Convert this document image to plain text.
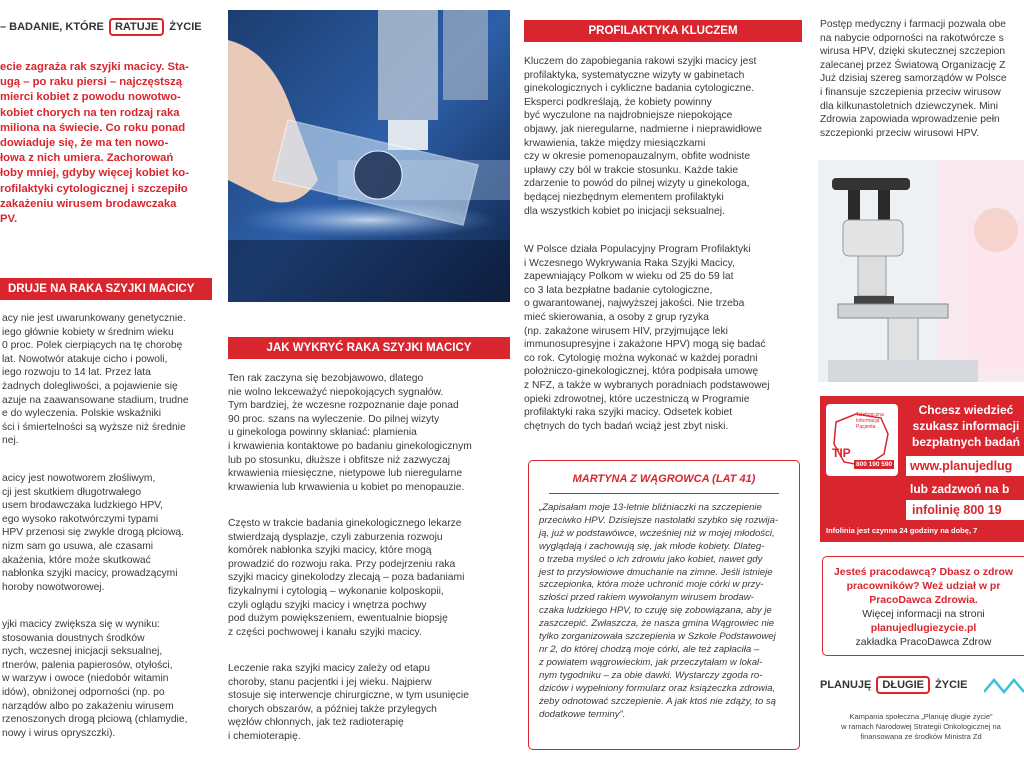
– BADANIE, KTÓRE RATUJE ŻYCIE

ecie zagraża rak szyjki macicy. Sta-
ugą – po raku piersi – najczęstszą
mierci kobiet z powodu nowotwo-
kobiet chorych na ten rodzaj raka
miliona na świecie. Co roku ponad
dowiaduje się, że ma ten nowo-
łowa z nich umiera. Zachorowań
łoby mniej, gdyby więcej kobiet ko-
rofilaktyki cytologicznej i szczepiło
zakażeniu wirusem brodawczaka
PV.

DRUJE NA RAKA SZYJKI MACICY

acy nie jest uwarunkowany genetycznie.
iego głównie kobiety w średnim wieku
0 proc. Polek cierpiących na tę chorobę
lat. Nowotwór atakuje cicho i powoli,
iego rozwoju to 14 lat. Przez lata
żadnych dolegliwości, a pojawienie się
azuje na zaawansowane stadium, trudne
e do wyleczenia. Polskie wskaźniki
ści i śmiertelności są wyższe niż średnie
nej.

acicy jest nowotworem złośliwym,
cji jest skutkiem długotrwałego
usem brodawczaka ludzkiego HPV,
ego wysoko rakotwórczymi typami
HPV przenosi się zwykle drogą płciową.
nizm sam go usuwa, ale czasami
akażenia, które może skutkować
nabłonka szyjki macicy, prowadzącymi
horoby nowotworowej.

yjki macicy zwiększa się w wyniku:
stosowania doustnych środków
nych, wczesnej inicjacji seksualnej,
rtnerów, palenia papierosów, otyłości,
w warzyw i owoce (niedobór witamin
idów), obniżonej odporności (np. po
narządów albo po zakażeniu wirusem
rzenoszonych drogą płciową (chlamydie,
nowy i wirus opryszczki).

JAK WYKRYĆ RAKA SZYJKI MACICY

Ten rak zaczyna się bezobjawowo, dlatego
nie wolno lekceważyć niepokojących sygnałów.
Tym bardziej, że wczesne rozpoznanie daje ponad
90 proc. szans na wyleczenie. Do pilnej wizyty
u ginekologa powinny skłaniać: plamienia
i krwawienia kontaktowe po badaniu ginekologicznym
lub po stosunku, dłuższe i obfitsze niż zazwyczaj
krwawienia miesięczne, nietypowe lub nieregularne
krwawienia lub krwawienia u kobiet po menopauzie.

Często w trakcie badania ginekologicznego lekarze
stwierdzają dysplazje, czyli zaburzenia rozwoju
komórek nabłonka szyjki macicy, które mogą
prowadzić do rozwoju raka. Przy podejrzeniu raka
szyjki macicy ginekolodzy zlecają – poza badaniami
fizykalnymi i cytologią – wykonanie kolposkopii,
czyli oglądu szyjki macicy i wnętrza pochwy
pod dużym powiększeniem, ewentualnie biopsję
z części pochwowej i kanału szyjki macicy.

Leczenie raka szyjki macicy zależy od etapu
choroby, stanu pacjentki i jej wieku. Najpierw
stosuje się interwencje chirurgiczne, w tym usunięcie
chorych obszarów, a później także przylegych
węzłów chłonnych, jak też radioterapię
i chemioterapię.

PROFILAKTYKA KLUCZEM

Kluczem do zapobiegania rakowi szyjki macicy jest
profilaktyka, systematyczne wizyty w gabinetach
ginekologicznych i cykliczne badania cytologiczne.
Eksperci podkreślają, że kobiety powinny
być wyczulone na najdrobniejsze niepokojące
objawy, jak nieregularne, nadmierne i nieprawidłowe
krwawienia, także między miesiączkami
czy w okresie pomenopauzalnym, obfite wodniste
upławy czy ból w trakcie stosunku. Każde takie
zdarzenie to powód do pilnej wizyty u ginekologa,
będącej niezbędnym elementem profilaktyki
dla wszystkich kobiet po inicjacji seksualnej.

W Polsce działa Populacyjny Program Profilaktyki
i Wczesnego Wykrywania Raka Szyjki Macicy,
zapewniający Polkom w wieku od 25 do 59 lat
co 3 lata bezpłatne badanie cytologiczne,
o gwarantowanej, najwyższej jakości. Nie trzeba
mieć skierowania, a osoby z grup ryzyka
(np. zakażone wirusem HIV, przyjmujące leki
immunosupresyjne i zakażone HPV) mogą się badać
co rok. Cytologię można wykonać w każdej poradni
położniczo-ginekologicznej, która podpisała umowę
z NFZ, a także w wybranych poradniach podstawowej
opieki zdrowotnej, które uczestniczą w Programie
profilaktyki raka szyjki macicy. Odsetek kobiet
chętnych do tych badań wciąż jest zbyt niski.

MARTYNA Z WĄGROWCA (LAT 41)

„Zapisałam moje 13-letnie bliźniaczki na szczepienie
przeciwko HPV. Dzisiejsze nastolatki szybko się rozwija-
ją, już w podstawówce, wcześniej niż w mojej młodości,
wyglądają i zachowują się, jak młode kobiety. Dlateg-
o trzeba myśleć o ich zdrowiu jako kobiet, nawet gdy
jest to przysłowiowe dmuchanie na zimne. Jeśli istnieje
szczepionka, która może uchronić moje córki w przy-
szłości przed rakiem wywołanym wirusem brodaw-
czaka ludzkiego HPV, to czuję się zobowiązana, aby je
zaszczepić. Zwłaszcza, że nasza gmina Wągrowiec nie
tylko zorganizowała szczepienia w Szkole Podstawowej
nr 2, do której chodzą moje córki, ale też zapłaciła –
z powiatem wągrowieckim, jak przeczytałam w lokal-
nym tygodniku – za obie dawki. Wystarczy zgoda ro-
dziców i wypełniony formularz oraz książeczka zdrowia,
żeby odnotować szczepienie. A jak ktoś nie zdąży, to są
dodatkowe terminy”.

Postęp medyczny i farmacji pozwala obe
na nabycie odporności na rakotwórcze s
wirusa HPV, dzięki skutecznej szczepion
zalecanej przez Światową Organizację Z
Już dzisiaj szereg samorządów w Polsce
i finansuje szczepienia przeciw wirusow
dla kilkunastoletnich dziewczynek. Mini
Zdrowia zapowiada wprowadzenie pełn
szczepionki przeciw wirusowi HPV.

TIP
Telefoniczna
Informacja
Pacjenta
800 190 590
Chcesz wiedzieć
szukasz informacji
bezpłatnych badań
www.planujedlug
lub zadzwoń na b
infolinię 800 19
Infolinia jest czynna 24 godziny na dobę, 7
Jesteś pracodawcą? Dbasz o zdrow
pracowników? Weź udział w pr
PracoDawca Zdrowia.
Więcej informacji na stroni
planujedlugiezycie.pl
zakładka PracoDawca Zdrow
PLANUJĘ DŁUGIE ŻYCIE
Kampania społeczna „Planuję długie życie”
w ramach Narodowej Strategii Onkologicznej na
finansowana ze środków Ministra Zd
